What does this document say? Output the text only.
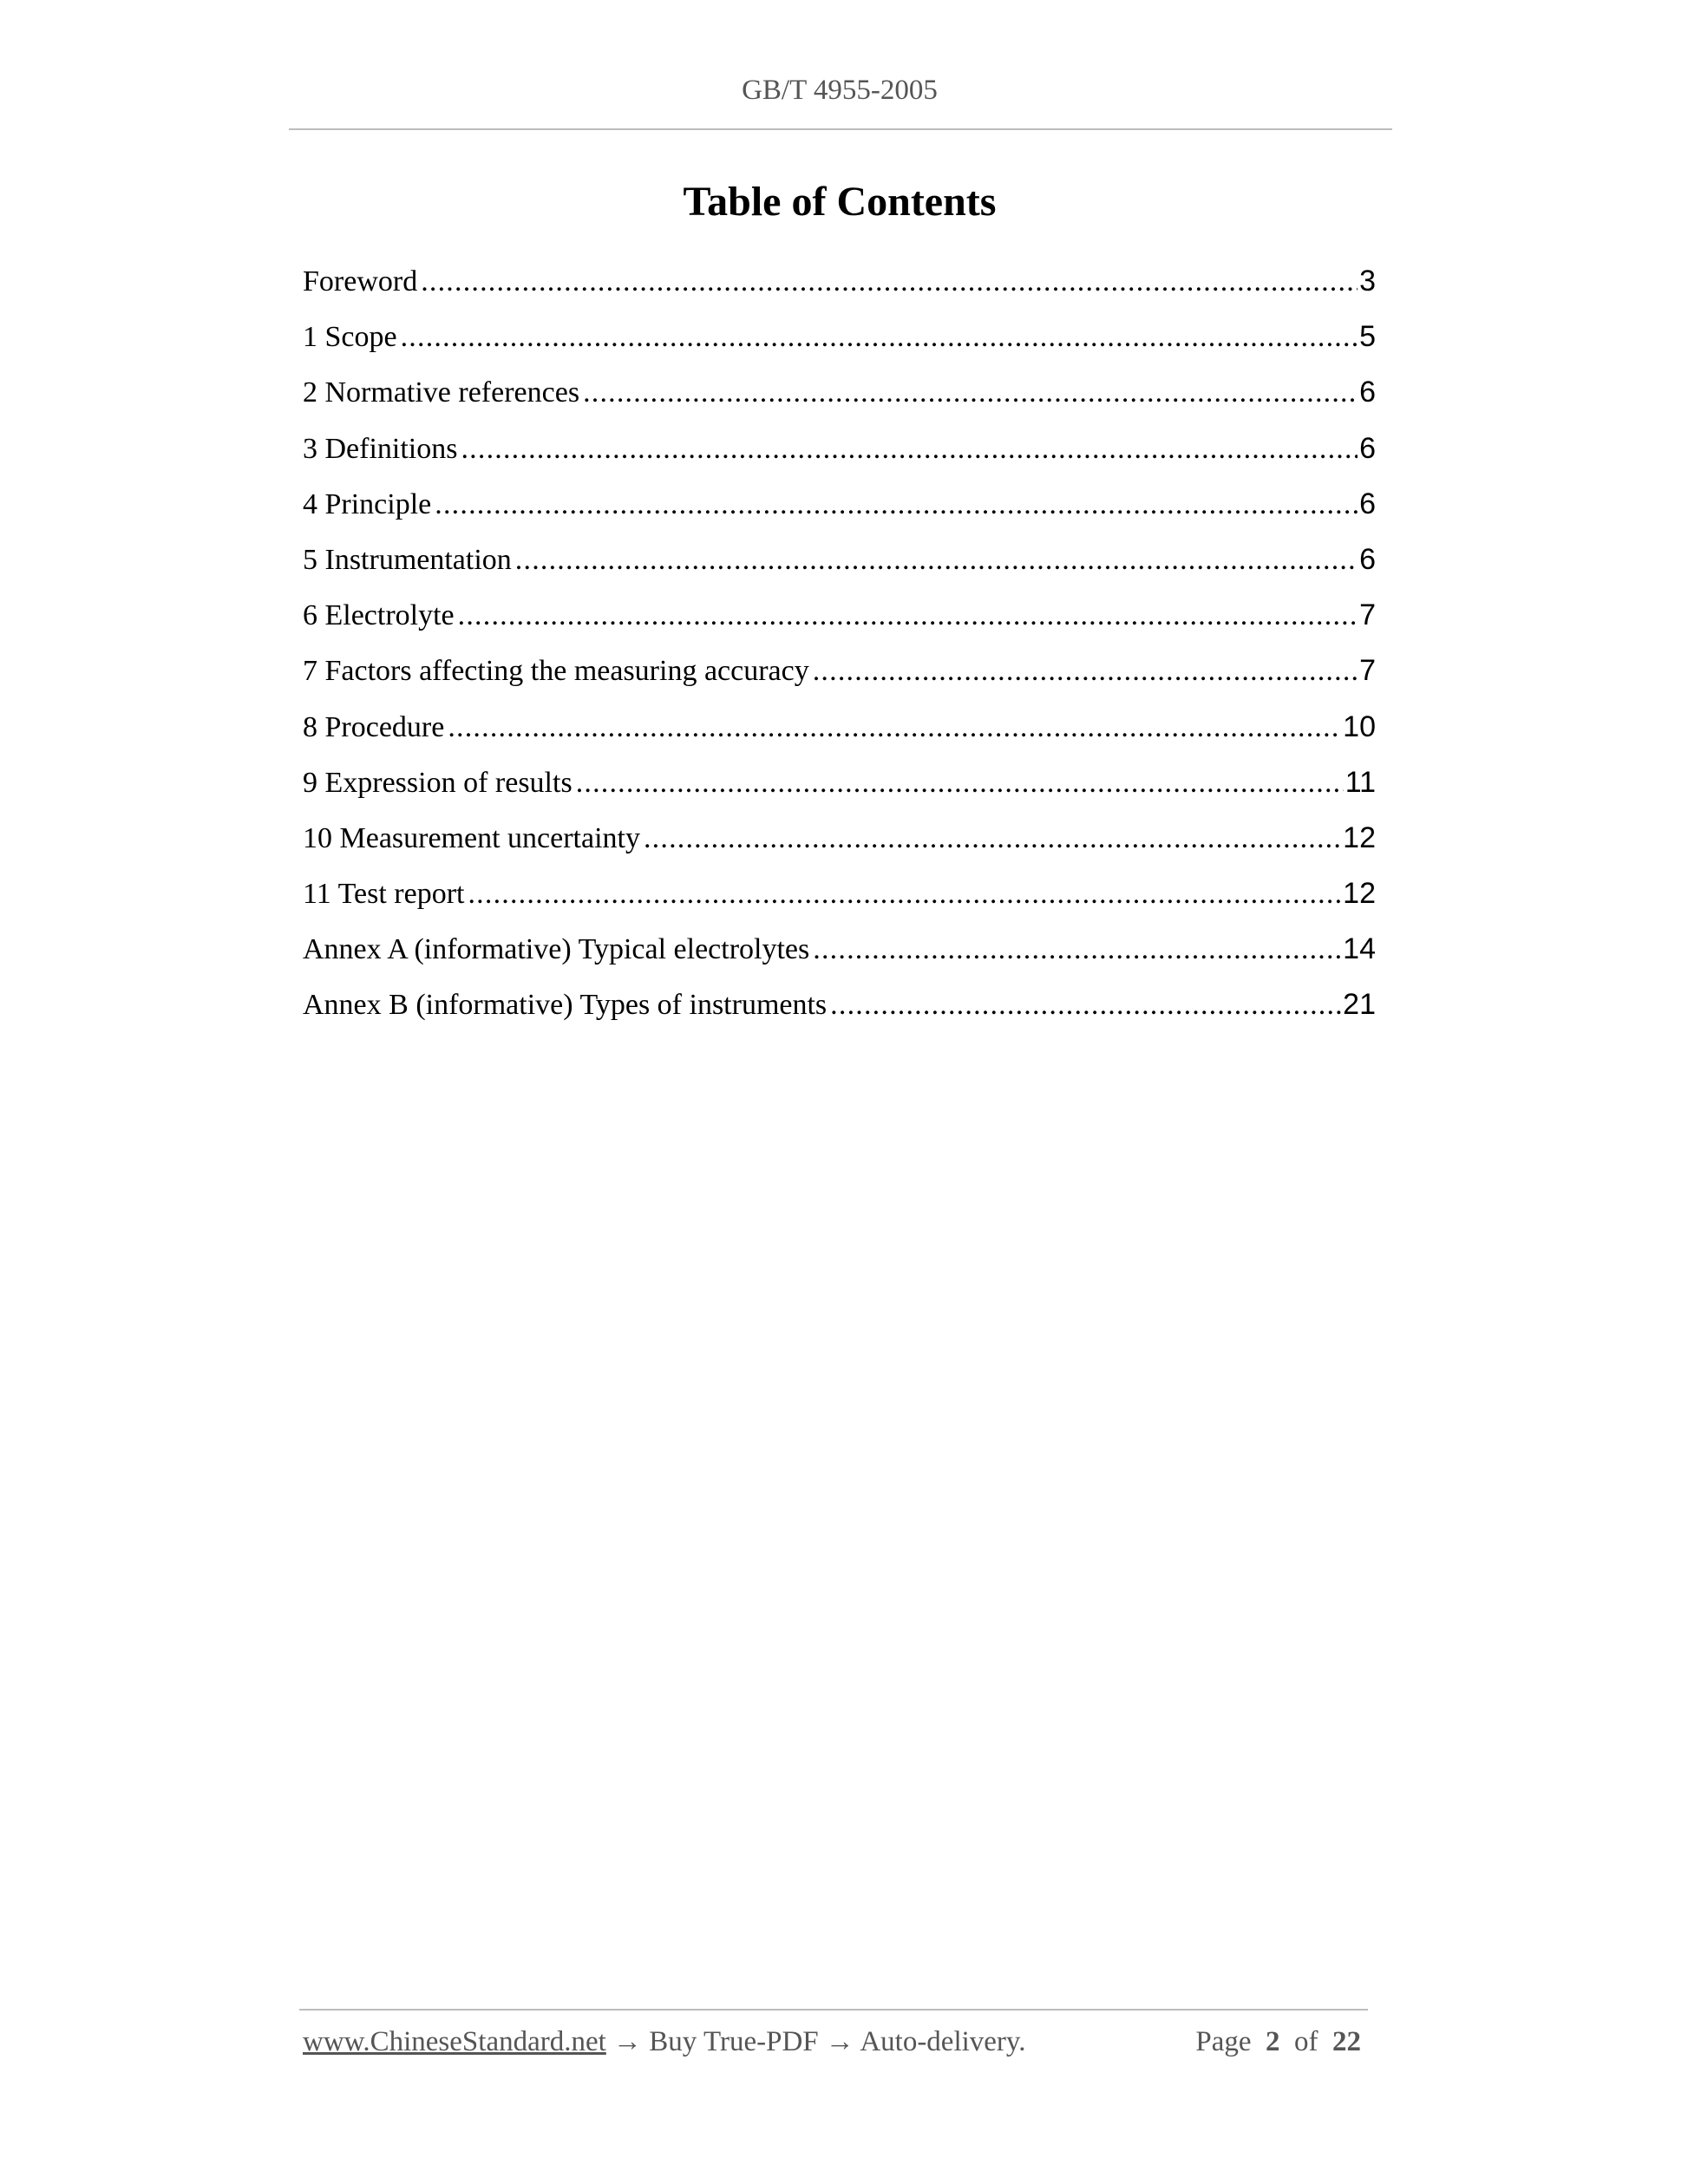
GB/T 4955-2005
Table of Contents
Foreword .....	3
1 Scope .....	5
2 Normative references .....	6
3 Definitions .....	6
4 Principle .....	6
5 Instrumentation .....	6
6 Electrolyte .....	7
7 Factors affecting the measuring accuracy .....	7
8 Procedure .....	10
9 Expression of results .....	11
10 Measurement uncertainty .....	12
11 Test report .....	12
Annex A (informative) Typical electrolytes .....	14
Annex B (informative) Types of instruments .....	21
www.ChineseStandard.net → Buy True-PDF → Auto-delivery.	Page 2 of 22
